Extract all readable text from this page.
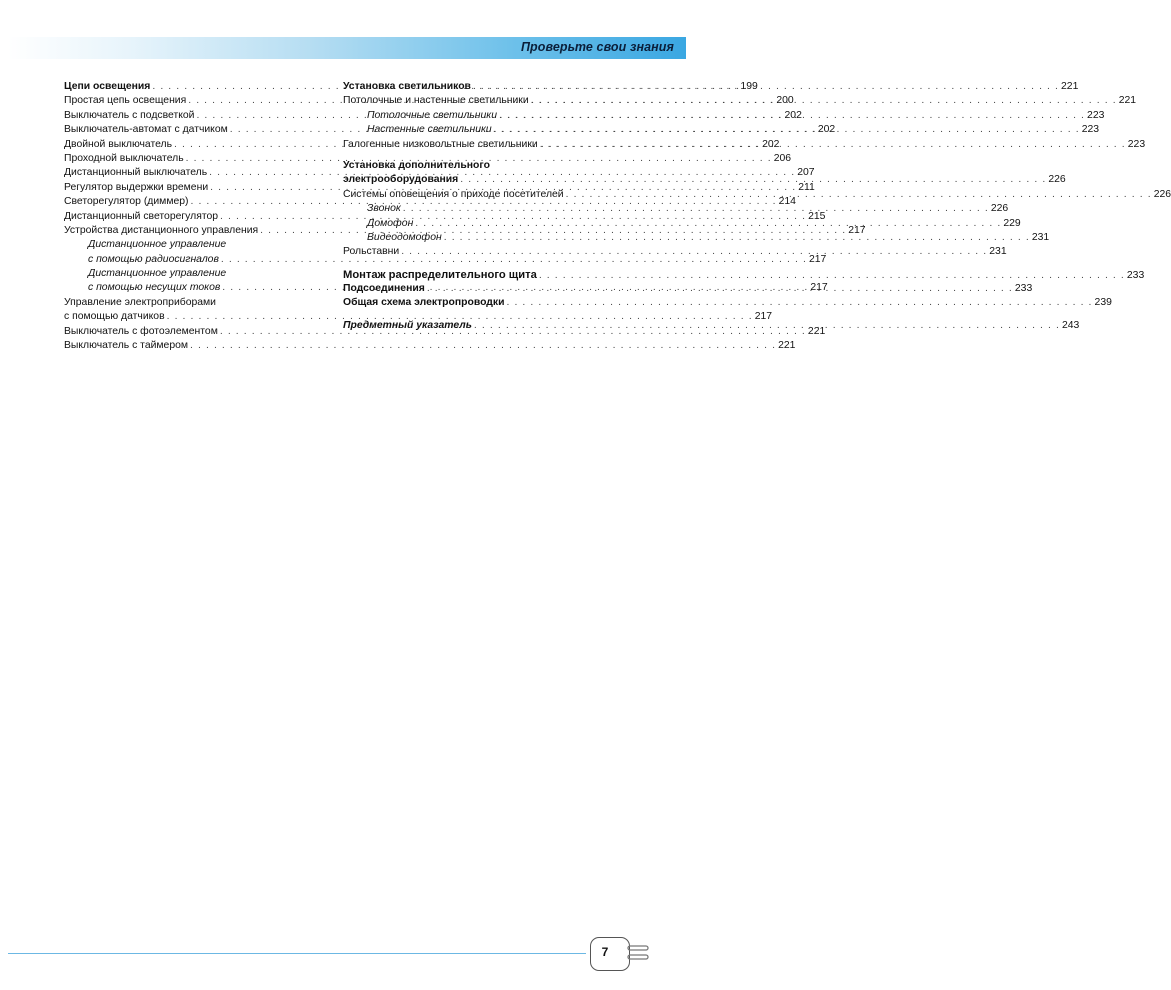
Проверьте свои знания
Цепи освещения . . .	199
Простая цепь освещения . . .	200
Выключатель с подсветкой . . .	202
Выключатель-автомат с датчиком . . .	202
Двойной выключатель . . .	202
Проходной выключатель . . .	206
Дистанционный выключатель . . .	207
Регулятор выдержки времени . . .	211
Светорегулятор (диммер) . . .	214
Дистанционный светорегулятор . . .	215
Устройства дистанционного управления . . .	217
Дистанционное управление
с помощью радиосигналов . . .	217
Дистанционное управление
с помощью несущих токов . . .	217
Управление электроприборами
с помощью датчиков . . .	217
Выключатель с фотоэлементом . . .	221
Выключатель с таймером . . .	221
Установка светильников . . .	221
Потолочные и настенные светильники . . .	221
Потолочные светильники . . .	223
Настенные светильники . . .	223
Галогенные низковольтные светильники . . .	223
Установка дополнительного
электрооборудования . . .	226
Системы оповещения о приходе посетителей . . .	226
Звонок . . .	226
Домофон . . .	229
Видеодомофон . . .	231
Рольставни . . .	231
Монтаж распределительного щита . . .	233
Подсоединения . . .	233
Общая схема электропроводки . . .	239
Предметный указатель . . .	243
7
